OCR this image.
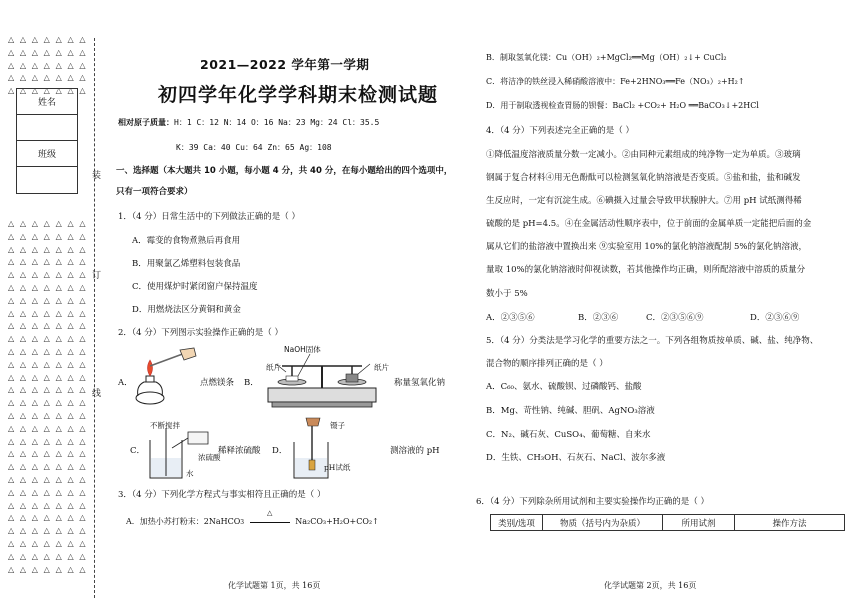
△ △ △ △ △ △ △
△ △ △ △ △ △ △
△ △ △ △ △ △ △
△ △ △ △ △ △ △
△ △ △ △ △ △ △
姓名
班级
△ △ △ △ △ △ △
△ △ △ △ △ △ △
△ △ △ △ △ △ △
△ △ △ △ △ △ △
△ △ △ △ △ △ △
△ △ △ △ △ △ △
△ △ △ △ △ △ △
△ △ △ △ △ △ △
△ △ △ △ △ △ △
△ △ △ △ △ △ △
△ △ △ △ △ △ △
△ △ △ △ △ △ △
△ △ △ △ △ △ △
△ △ △ △ △ △ △
△ △ △ △ △ △ △
△ △ △ △ △ △ △
△ △ △ △ △ △ △
△ △ △ △ △ △ △
△ △ △ △ △ △ △
△ △ △ △ △ △ △
△ △ △ △ △ △ △
△ △ △ △ △ △ △
△ △ △ △ △ △ △
△ △ △ △ △ △ △
△ △ △ △ △ △ △
△ △ △ △ △ △ △
△ △ △ △ △ △ △
△ △ △ △ △ △ △
装
订
线
2021—2022 学年第一学期
初四学年化学学科期末检测试题
相对原子质量：H：1 C：12 N：14 O：16 Na：23 Mg：24 Cl：35.5
K：39 Ca：40 Cu：64 Zn：65 Ag：108
一、选择题（本大题共 10 小题，每小题 4 分，共 40 分，在每小题给出的四个选项中，
只有一项符合要求）
1．（4 分）日常生活中的下列做法正确的是（ ）
A．霉变的食物煮熟后再食用
B．用聚氯乙烯塑料包装食品
C．使用煤炉时紧闭窗户保持温度
D．用燃烧法区分黄铜和黄金
2．（4 分）下列图示实验操作正确的是（ ）
A．	点燃镁条 B．
NaOH固体
纸片	纸片
称量氢氧化钠
C．
不断搅拌
浓硫酸
水
稀释浓硫酸 D．
镊子
pH试纸
测溶液的 pH
3．（4 分）下列化学方程式与事实相符且正确的是（ ）
A．加热小苏打粉末：2NaHCO3
△
Na₂CO₃+H₂O+CO₂↑
化学试题第 1页，共 16页
B．制取氢氧化镁：Cu（OH）₂+MgCl₂══Mg（OH）₂↓+ CuCl₂
C．将洁净的铁丝浸入稀硝酸溶液中：Fe+2HNO₃══Fe（NO₃）₂+H₂↑
D．用于制取透视检查胃肠的钡餐：BaCl₂ +CO₂+ H₂O ══BaCO₃↓+2HCl
4．（4 分）下列表述完全正确的是（ ）
①降低温度溶液质量分数一定减小。②由同种元素组成的纯净物一定为单质。③玻璃
钢属于复合材料④用无色酚酞可以检测氢氧化钠溶液是否变质。⑤盐和盐，盐和碱发
生反应时，一定有沉淀生成。⑥碘摄入过量会导致甲状腺肿大。⑦用 pH 试纸测得稀
硫酸的是 pH=4.5。④在金属活动性顺序表中，位于前面的金属单质一定能把后面的金
属从它们的盐溶液中置换出来 ⑨实验室用 10%的氯化钠溶液配制 5%的氯化钠溶液，
量取 10%的氯化钠溶液时仰视读数，若其他操作均正确，则所配溶液中溶质的质量分
数小于 5%
A．②③⑤⑥	B．②③⑥	C．②③⑤⑥⑨	D．②③⑥⑨
5．（4 分）分类法是学习化学的重要方法之一。下列各组物质按单质、碱、盐、纯净物、
混合物的顺序排列正确的是（ ）
A．C₆₀、氨水、硫酸钡、过磷酸钙、盐酸
B．Mg、苛性钠、纯碱、胆矾、AgNO₃溶液
C．N₂、碱石灰、CuSO₄、葡萄糖、自来水
D．生铁、CH₃OH、石灰石、NaCl、波尔多液
6．（4 分）下列除杂所用试剂和主要实验操作均正确的是（ ）
类别/选项	物质（括号内为杂质）	所用试剂	操作方法
化学试题第 2页，共 16页
